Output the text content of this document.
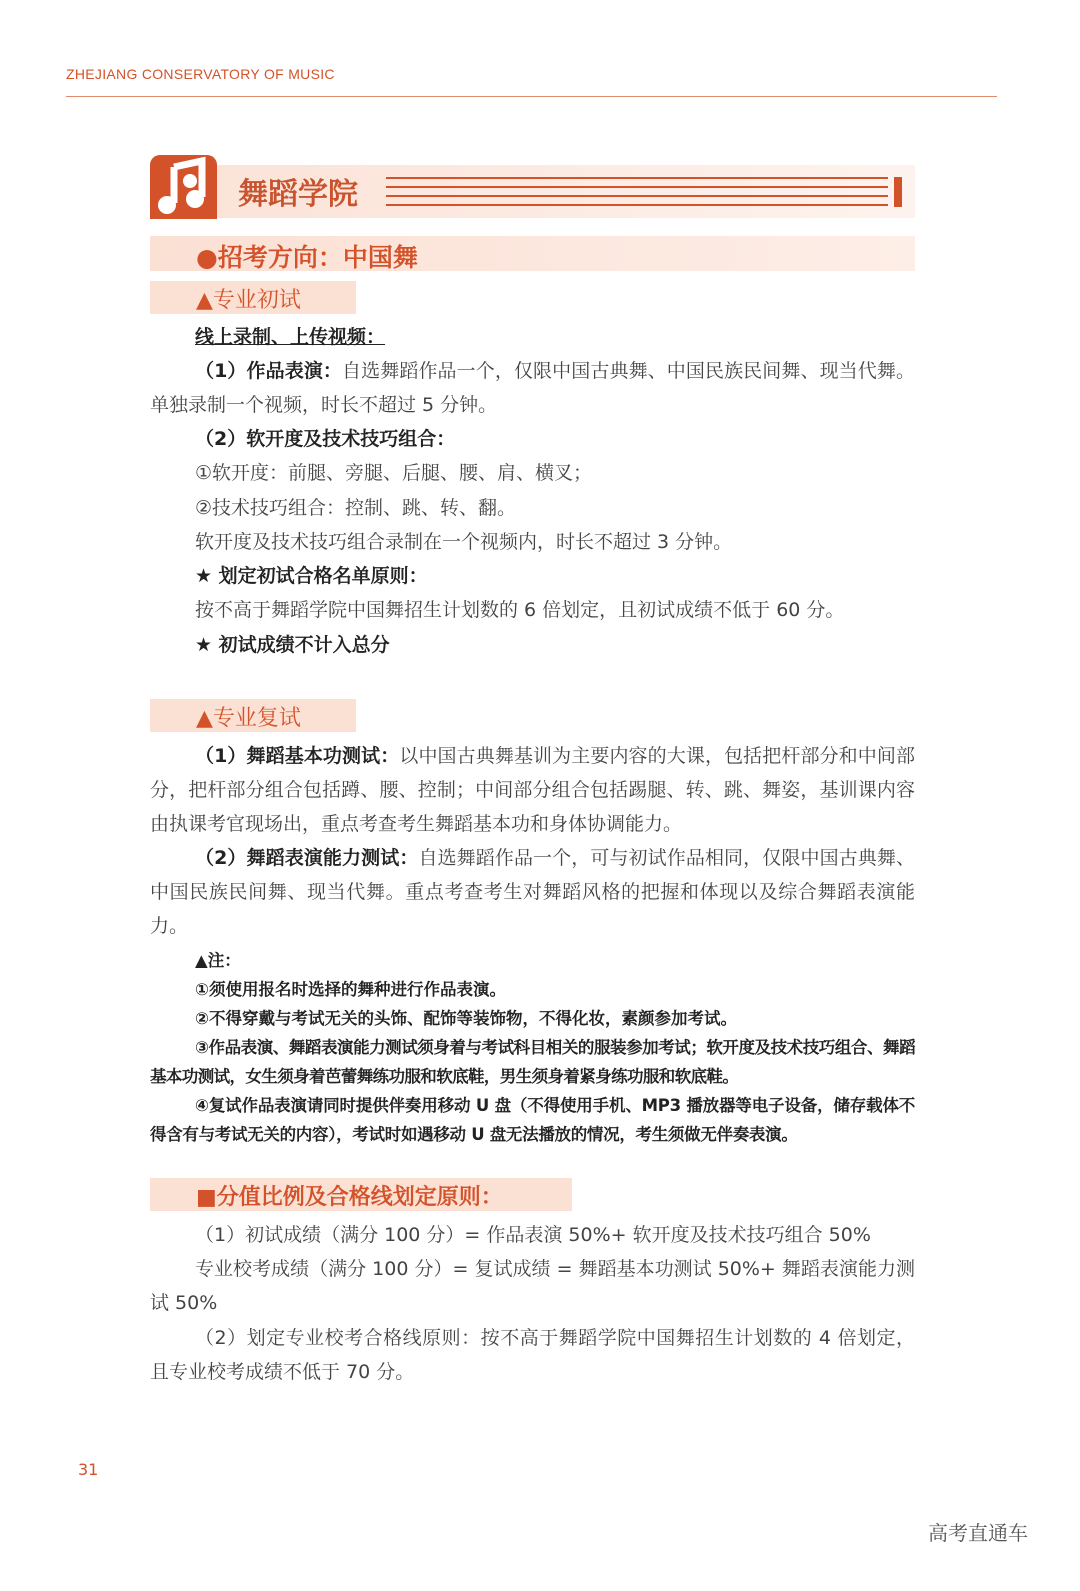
ZHEJIANG CONSERVATORY OF MUSIC
舞蹈学院
●招考方向：中国舞
▲专业初试
线上录制、上传视频：

（1）作品表演：自选舞蹈作品一个，仅限中国古典舞、中国民族民间舞、现当代舞。单独录制一个视频，时长不超过 5 分钟。

（2）软开度及技术技巧组合：
①软开度：前腿、旁腿、后腿、腰、肩、横叉；
②技术技巧组合：控制、跳、转、翻。
软开度及技术技巧组合录制在一个视频内，时长不超过 3 分钟。
★ 划定初试合格名单原则：
按不高于舞蹈学院中国舞招生计划数的 6 倍划定，且初试成绩不低于 60 分。
★ 初试成绩不计入总分
▲专业复试

（1）舞蹈基本功测试：以中国古典舞基训为主要内容的大课，包括把杆部分和中间部分，把杆部分组合包括蹲、腰、控制；中间部分组合包括踢腿、转、跳、舞姿，基训课内容由执课考官现场出，重点考查考生舞蹈基本功和身体协调能力。

（2）舞蹈表演能力测试：自选舞蹈作品一个，可与初试作品相同，仅限中国古典舞、中国民族民间舞、现当代舞。重点考查考生对舞蹈风格的把握和体现以及综合舞蹈表演能力。

▲注：

①须使用报名时选择的舞种进行作品表演。

②不得穿戴与考试无关的头饰、配饰等装饰物，不得化妆，素颜参加考试。

③作品表演、舞蹈表演能力测试须身着与考试科目相关的服装参加考试；软开度及技术技巧组合、舞蹈基本功测试，女生须身着芭蕾舞练功服和软底鞋，男生须身着紧身练功服和软底鞋。

④复试作品表演请同时提供伴奏用移动 U 盘（不得使用手机、MP3 播放器等电子设备，储存载体不得含有与考试无关的内容），考试时如遇移动 U 盘无法播放的情况，考生须做无伴奏表演。

■分值比例及合格线划定原则：

（1）初试成绩（满分 100 分）= 作品表演 50%+ 软开度及技术技巧组合 50%

专业校考成绩（满分 100 分）= 复试成绩 = 舞蹈基本功测试 50%+ 舞蹈表演能力测试 50%

（2）划定专业校考合格线原则：按不高于舞蹈学院中国舞招生计划数的 4 倍划定，且专业校考成绩不低于 70 分。

31
高考直通车
